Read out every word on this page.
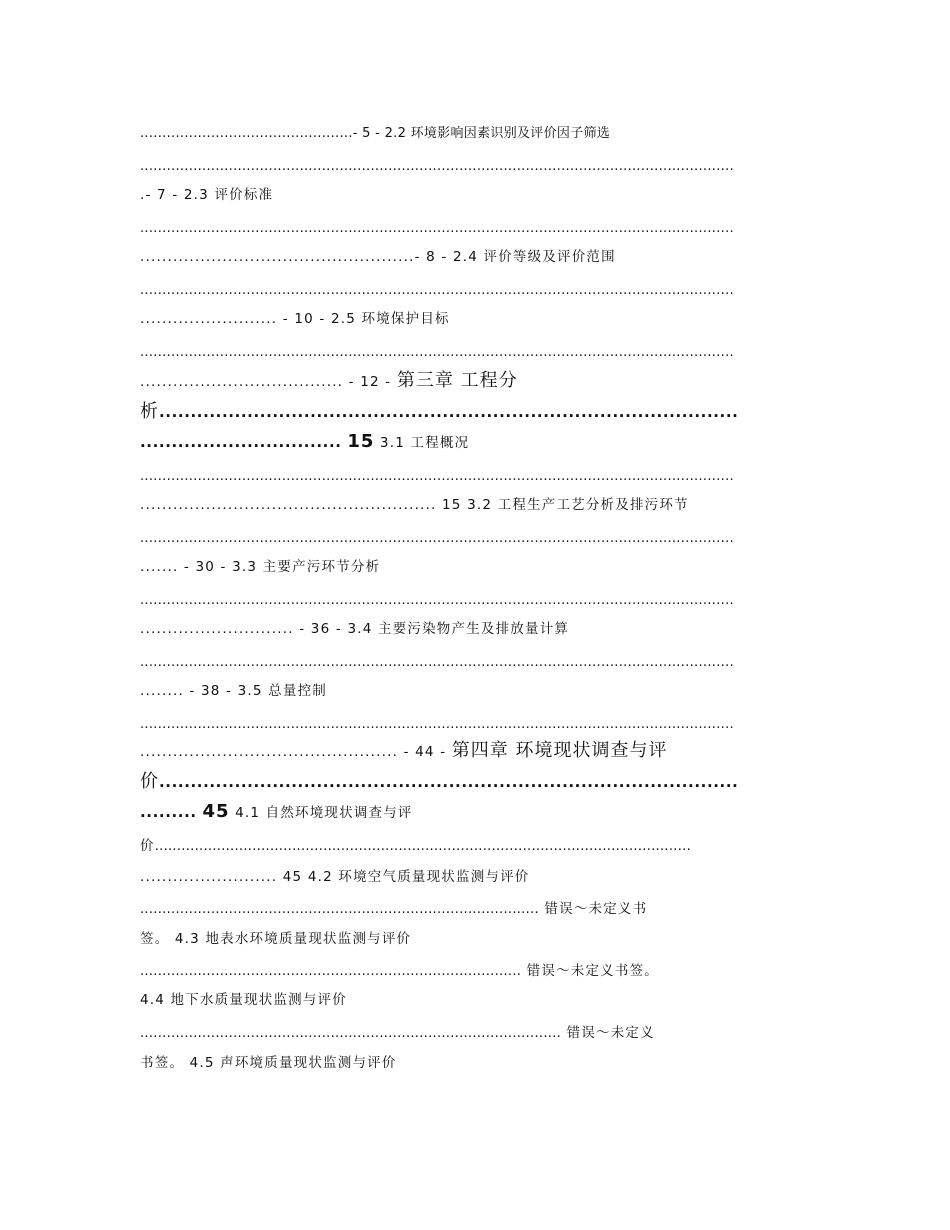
................................................- 5 - 2.2 环境影响因素识别及评价因子筛选
......................................................................................................................................
.- 7 - 2.3 评价标准
......................................................................................................................................
..................................................- 8 - 2.4 评价等级及评价范围
......................................................................................................................................
......................... - 10 - 2.5 环境保护目标
......................................................................................................................................
..................................... - 12 - 第三章 工程分
析............................................................................................
................................ 15 3.1 工程概况
......................................................................................................................................
...................................................... 15 3.2 工程生产工艺分析及排污环节
......................................................................................................................................
....... - 30 - 3.3 主要产污环节分析
......................................................................................................................................
............................ - 36 - 3.4 主要污染物产生及排放量计算
......................................................................................................................................
........ - 38 - 3.5 总量控制
......................................................................................................................................
............................................... - 44 - 第四章 环境现状调查与评
价............................................................................................
......... 45 4.1 自然环境现状调查与评
价.........................................................................................................................
......................... 45 4.2 环境空气质量现状监测与评价
.......................................................................................... 错误～未定义书
签。 4.3 地表水环境质量现状监测与评价
...................................................................................... 错误～未定义书签。
4.4 地下水质量现状监测与评价
............................................................................................... 错误～未定义
书签。 4.5 声环境质量现状监测与评价
